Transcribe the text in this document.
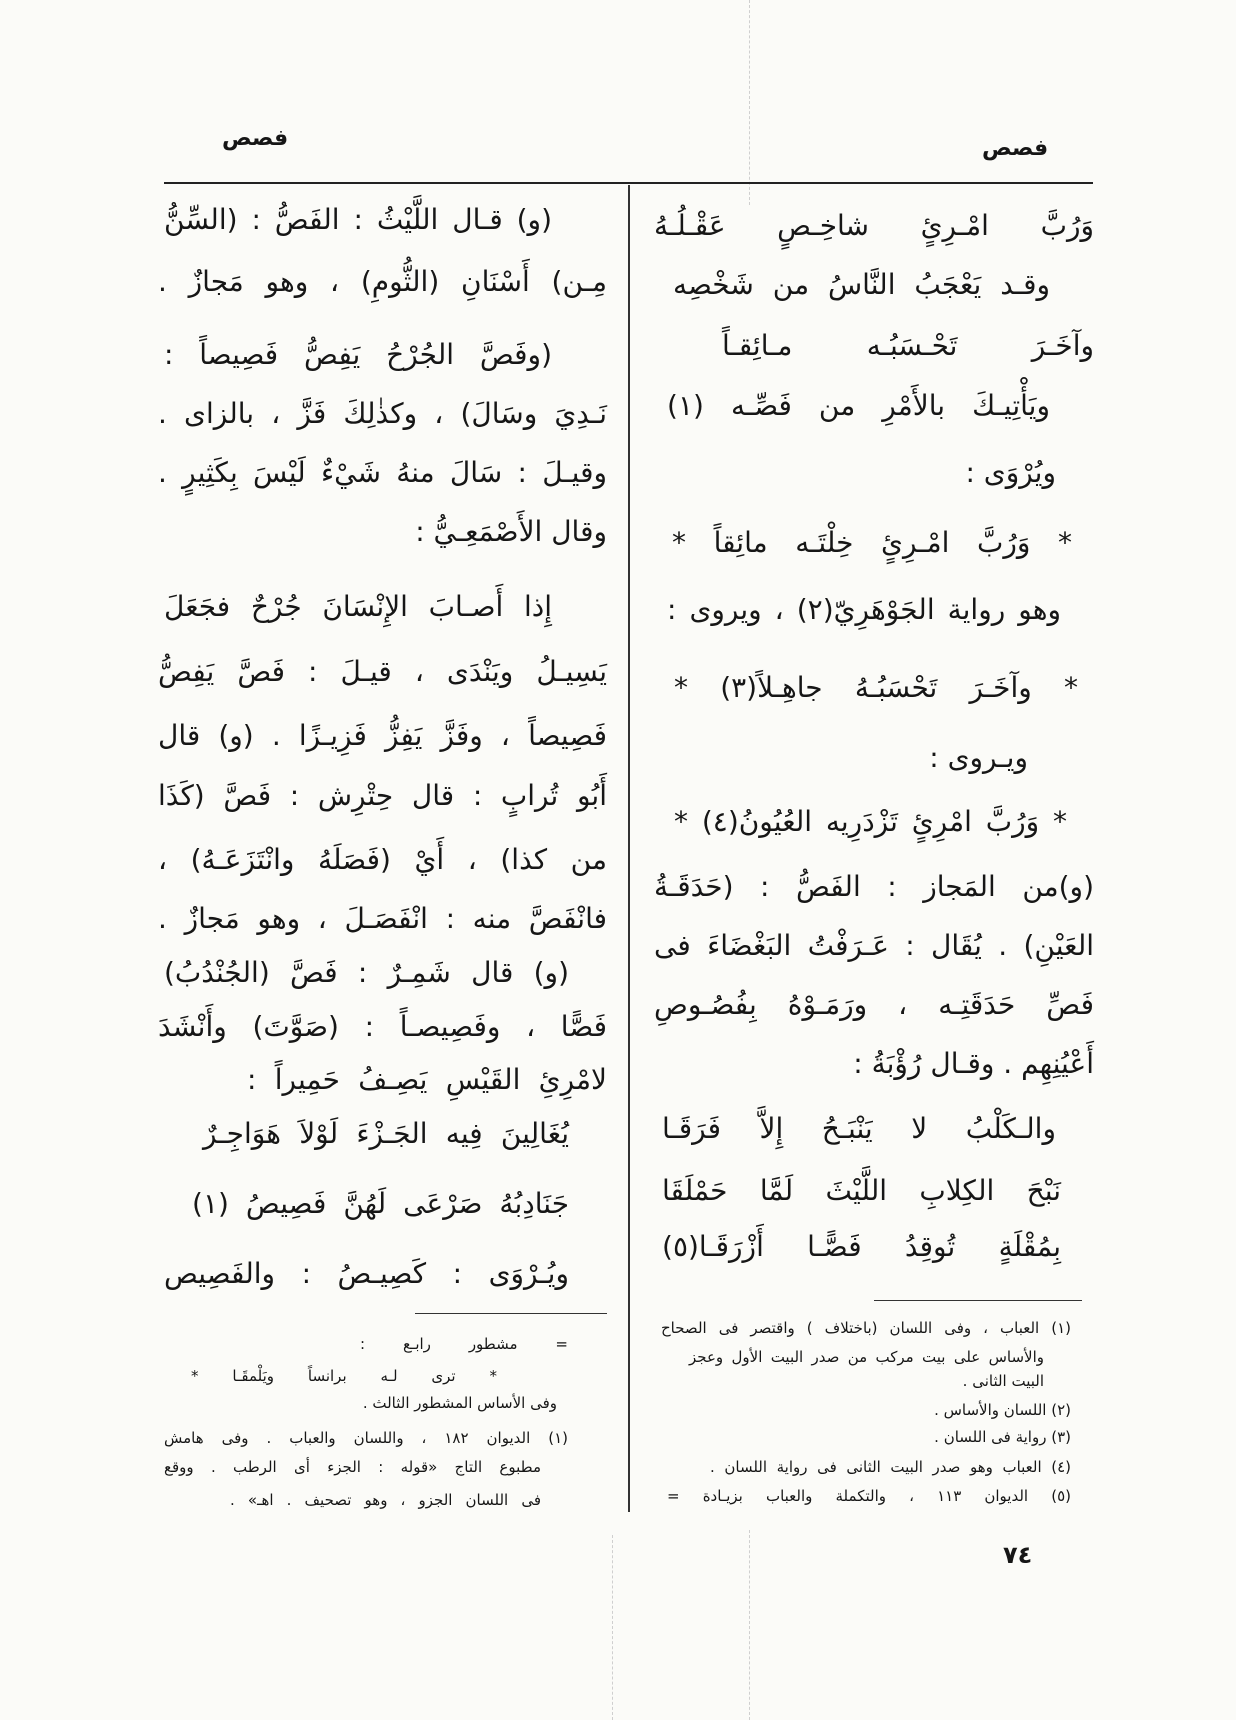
فصص
فصص
وَرُبَّ امْـرِئٍ شاخِـصٍ عَقْـلُـهُ
وقـد يَعْجَبُ النَّاسُ من شَخْصِه
وآخَـرَ تَحْـسَبُـه مـائِقـاً
ويَأْتِيـكَ بالأَمْرِ من فَصِّـه (١)
ويُرْوَى :
* وَرُبَّ امْـرِئٍ خِلْتَـه مائِقاً *
وهو رواية الجَوْهَرِيّ(٢) ، ويروى :
* وآخَـرَ تَحْسَبُـهُ جاهِـلاً(٣) *
ويـروى :
* وَرُبَّ امْرِئٍ تَزْدَرِيه العُيُونُ(٤) *
(و)من المَجاز : الفَصُّ : (حَدَقَـةُ
العَيْنِ) . يُقَال : عَـرَفْتُ البَغْضَاءَ فى
فَصِّ حَدَقَتِـه ، ورَمَـوْهُ بِفُصُـوصِ
أَعْيُنِهِم . وقـال رُؤْبَةُ :
والـكَلْبُ لا يَنْبَـحُ إِلاَّ فَرَقَـا
نَبْحَ الكِلابِ اللَّيْثَ لَمَّا حَمْلَقَا
بِمُقْلَةٍ تُوقِدُ فَصًّـا أَزْرَقَـا(٥)
(و) قـال اللَّيْثُ : الفَصُّ : (السِّنُّ
مِـن) أَسْنَانِ (الثُّومِ) ، وهو مَجازٌ .
(وفَصَّ الجُرْحُ يَفِصُّ فَصِيصاً :
نَـدِيَ وسَالَ) ، وكذٰلِكَ فَزَّ ، بالزاى .
وقيـلَ : سَالَ منهُ شَيْءٌ لَيْسَ بِكَثِيرٍ .
وقال الأَصْمَعِـيُّ :
إِذا أَصـابَ الإِنْسَانَ جُرْحٌ فجَعَلَ
يَسِيـلُ ويَنْدَى ، قيـلَ : فَصَّ يَفِصُّ
فَصِيصاً ، وفَزَّ يَفِزُّ فَزِيـزًا . (و) قال
أَبُو تُرابٍ : قال حِتْرِش : فَصَّ (كَذَا
من كذا) ، أَيْ (فَصَلَهُ وانْتَزَعَـهُ) ،
فانْفَصَّ منه : انْفَصَـلَ ، وهو مَجازٌ .
(و) قال شَمِـرٌ : فَصَّ (الجُنْدُبُ)
فَصًّا ، وفَصِيصـاً : (صَوَّتَ) وأَنْشَدَ
لامْرِئِ القَيْسِ يَصِـفُ حَمِيراً :
يُغَالِينَ فِيه الجَـزْءَ لَوْلاَ هَوَاجِـرٌ
جَنَادِبُهُ صَرْعَى لَهُنَّ فَصِيصُ (١)
ويُـرْوَى : كَصِيـصُ : والفَصِيص
(١) العباب ، وفى اللسان (باختلاف ) واقتصر فى الصحاح
والأساس على بيت مركب من صدر البيت الأول وعجز
البيت الثانى .
(٢) اللسان والأساس .
(٣) رواية فى اللسان .
(٤) العباب وهو صدر البيت الثانى فى رواية اللسان .
(٥) الديوان ١١٣ ، والتكملة والعباب بزيـادة =
= مشطور رابـع :
* ترى لـه برانساً ويَلْمقَـا *
وفى الأساس المشطور الثالث .
(١) الديوان ١٨٢ ، واللسان والعباب . وفى هامش
مطبوع التاج «قوله : الجزء أى الرطب . ووقع
فى اللسان الجزو ، وهو تصحيف . اهـ» .
٧٤
